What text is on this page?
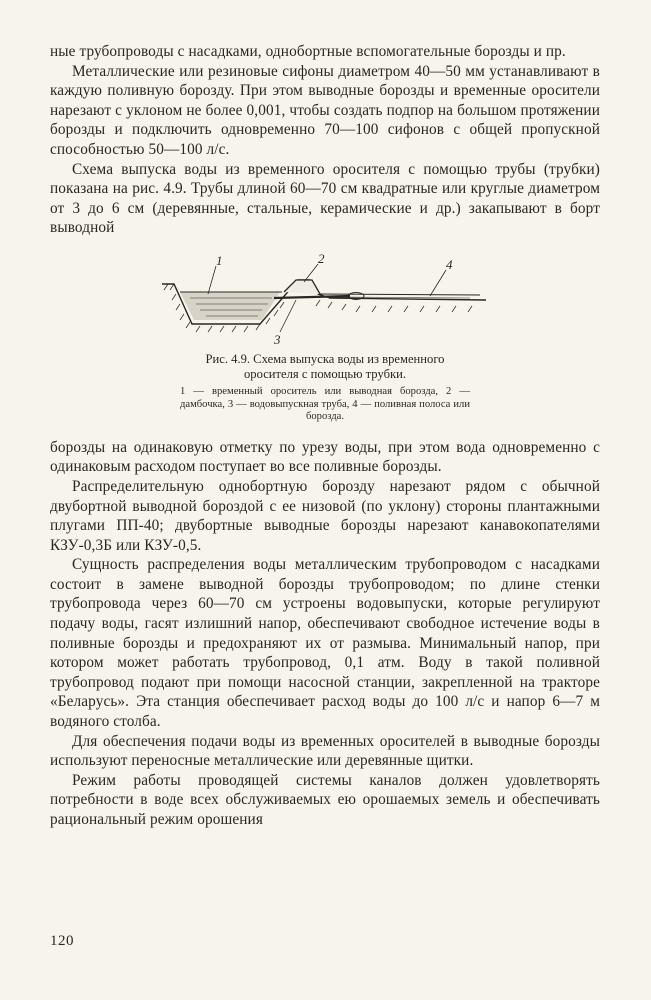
ные трубопроводы с насадками, однобортные вспомогательные борозды и пр.

Металлические или резиновые сифоны диаметром 40—50 мм устанавливают в каждую поливную борозду. При этом выводные борозды и временные оросители нарезают с уклоном не более 0,001, чтобы создать подпор на большом протяжении борозды и подключить одновременно 70—100 сифонов с общей пропускной способностью 50—100 л/с.

Схема выпуска воды из временного оросителя с помощью трубы (трубки) показана на рис. 4.9. Трубы длиной 60—70 см квадратные или круглые диаметром от 3 до 6 см (деревянные, стальные, керамические и др.) закапывают в борт выводной

1	2
3
4

Рис. 4.9. Схема выпуска воды из временного оросителя с помощью трубки.

1 — временный ороситель или выводная борозда, 2 — дамбочка, 3 — водовыпускная труба, 4 — поливная полоса или борозда.

борозды на одинаковую отметку по урезу воды, при этом вода одновременно с одинаковым расходом поступает во все поливные борозды.

Распределительную однобортную борозду нарезают рядом с обычной двубортной выводной бороздой с ее низовой (по уклону) стороны плантажными плугами ПП-40; двубортные выводные борозды нарезают канавокопателями КЗУ-0,3Б или КЗУ-0,5.

Сущность распределения воды металлическим трубопроводом с насадками состоит в замене выводной борозды трубопроводом; по длине стенки трубопровода через 60—70 см устроены водовыпуски, которые регулируют подачу воды, гасят излишний напор, обеспечивают свободное истечение воды в поливные борозды и предохраняют их от размыва. Минимальный напор, при котором может работать трубопровод, 0,1 атм. Воду в такой поливной трубопровод подают при помощи насосной станции, закрепленной на тракторе «Беларусь». Эта станция обеспечивает расход воды до 100 л/с и напор 6—7 м водяного столба.

Для обеспечения подачи воды из временных оросителей в выводные борозды используют переносные металлические или деревянные щитки.

Режим работы проводящей системы каналов должен удовлетворять потребности в воде всех обслуживаемых ею орошаемых земель и обеспечивать рациональный режим орошения

120
